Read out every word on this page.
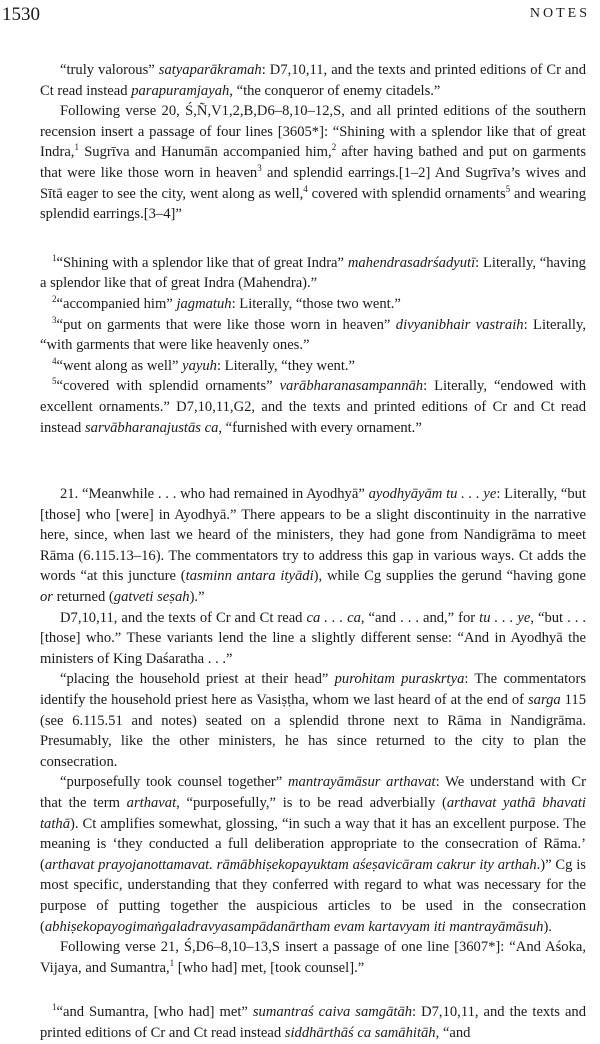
1530	NOTES

“truly valorous” satyaparākramah: D7,10,11, and the texts and printed editions of Cr and Ct read instead parapuramjayah, “the conqueror of enemy citadels.”

Following verse 20, Ś,Ñ,V1,2,B,D6–8,10–12,S, and all printed editions of the southern recension insert a passage of four lines [3605*]: “Shining with a splendor like that of great Indra,$^1$ Sugrīva and Hanumān accompanied him,$^2$ after having bathed and put on garments that were like those worn in heaven$^3$ and splendid earrings.[1–2] And Sugrīva’s wives and Sītā eager to see the city, went along as well,$^4$ covered with splendid ornaments$^5$ and wearing splendid earrings.[3–4]”

$^1$“Shining with a splendor like that of great Indra” mahendrasadrśadyutī: Literally, “having a splendor like that of great Indra (Mahendra).”

$^2$“accompanied him” jagmatuh: Literally, “those two went.”

$^3$“put on garments that were like those worn in heaven” divyanibhair vastraih: Literally, “with garments that were like heavenly ones.”

$^4$“went along as well” yayuh: Literally, “they went.”

$^5$“covered with splendid ornaments” varābharanasampannāh: Literally, “endowed with excellent ornaments.” D7,10,11,G2, and the texts and printed editions of Cr and Ct read instead sarvābharanajustās ca, “furnished with every ornament.”

21. “Meanwhile . . . who had remained in Ayodhyā” ayodhyāyām tu . . . ye: Literally, “but [those] who [were] in Ayodhyā.” There appears to be a slight discontinuity in the narrative here, since, when last we heard of the ministers, they had gone from Nandigrāma to meet Rāma (6.115.13–16). The commentators try to address this gap in various ways. Ct adds the words “at this juncture (tasminn antara ityādi), while Cg supplies the gerund “having gone or returned (gatveti seṣah).”

D7,10,11, and the texts of Cr and Ct read ca . . . ca, “and . . . and,” for tu . . . ye, “but . . . [those] who.” These variants lend the line a slightly different sense: “And in Ayodhyā the ministers of King Daśaratha . . .”

“placing the household priest at their head” purohitam puraskrtya: The commentators identify the household priest here as Vasiṣṭha, whom we last heard of at the end of sarga 115 (see 6.115.51 and notes) seated on a splendid throne next to Rāma in Nandigrāma. Presumably, like the other ministers, he has since returned to the city to plan the consecration.

“purposefully took counsel together” mantrayāmāsur arthavat: We understand with Cr that the term arthavat, “purposefully,” is to be read adverbially (arthavat yathā bhavati tathā). Ct amplifies somewhat, glossing, “in such a way that it has an excellent purpose. The meaning is ‘they conducted a full deliberation appropriate to the consecration of Rāma.’ (arthavat prayojanottamavat. rāmābhiṣekopayuktam aśeṣavicāram cakrur ity arthah.)” Cg is most specific, understanding that they conferred with regard to what was necessary for the purpose of putting together the auspicious articles to be used in the consecration (abhiṣekopayogimaṅgaladravyasampādanārtham evam kartavyam iti mantrayāmāsuh).

Following verse 21, Ś,D6–8,10–13,S insert a passage of one line [3607*]: “And Aśoka, Vijaya, and Sumantra,$^1$ [who had] met, [took counsel].”

$^1$“and Sumantra, [who had] met” sumantraś caiva samgātāh: D7,10,11, and the texts and printed editions of Cr and Ct read instead siddhārthāś ca samāhitāh, “and
